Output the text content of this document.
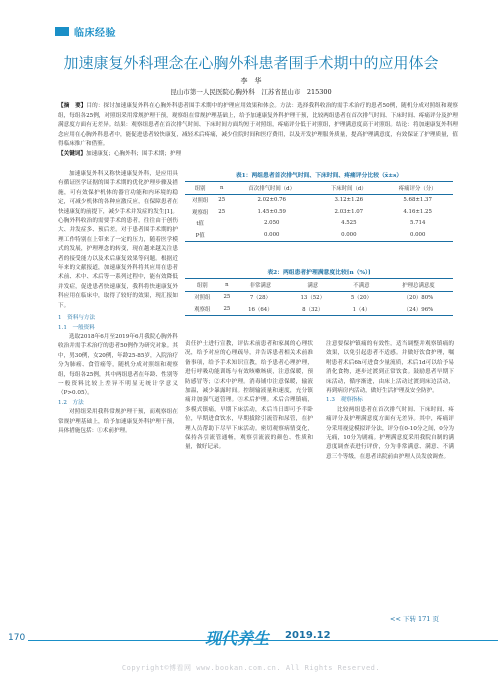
临床经验
加速康复外科理念在心胸外科患者围手术期中的应用体会
李　华
昆山市第一人民医院心胸外科　江苏省昆山市　215300
【摘　要】目的：探讨加速康复外科在心胸外科患者围手术期中的护理应用效果和体会。方法：选择我科收治的需手术治疗的患者50例，随机分成对照组和观察组，每组各25例，对照组采用常规护理干预，观察组在常规护理基础上，给予加速康复外科护理干预，比较两组患者在首次排气时间、下床时间、疼痛评分及护理满意度方面有无差异。结果：观察组患者在首次排气时间、下床时间方面均短于对照组，疼痛评分低于对照组，护理满意度高于对照组。结论：将加速康复外科理念应用在心胸外科患者中，能促进患者较快康复，减轻术后疼痛，减少住院时间和医疗费用，以及开发护理服务质量，提高护理满意度，有效保证了护理质量，值得临床推广和借鉴。
【关键词】加速康复；心胸外科；围手术期；护理

加速康复外科又称快速康复外科，是应用具有循证医学证据的围手术期的优化护理步骤及措施，可有效保护机体的器官功能和内环境的稳定，可减少机体的各种应激反应，在保障患者在快速康复的前提下，减少手术并发症的发生[1]。心胸外科收治的需要手术的患者，往往由于创伤大、并发症多、预后差。对于患者围手术期的护理工作特别在上带来了一定的压力，随着医学模式的发展，护理理念的转变，现在越来越关注患者的接受能力以及术后康复效果等问题。根据近年来的文献报道，加速康复外科将其应用在患者术前、术中、术后等一系列过程中，能有效降低并发症，促进患者快速康复，我科将快速康复外科应用在临床中，取得了较好的效果，现汇报如下。

1　资料与方法

1.1　一般资料

选取2018年6月至2019年6月我院心胸外科收治并需手术治疗的患者50例作为研究对象。其中，男30例，女20例，年龄25-85岁，入院治疗分为肺癌、食管癌等，随机分成对照组和观察组，每组各25例，其中两组患者在年龄、性别等一般资料比较上差异不明显无统计学意义（P>0.05）。

1.2　方法

对照组采用我科常规护理干预，而观察组在常规护理基础上，给予加速康复外科护理干预，具体措施包括：①术前护理。

表1：两组患者首次排气时间、下床时间、疼痛评分比较（x̄±s）
组别	n	首次排气时间（d）	下床时间（d）	疼痛评分（分）
对照组	25	2.02±0.76	3.12±1.26	5.68±1.37
观察组	25	1.45±0.59	2.03±1.07	4.16±1.25
t值		2.050	4.525	5.714
P值		0.000	0.000	0.000
表2：两组患者护理满意度比较[n（%）]
组别	n	非常满意	满意	不满意	护理总满意度
对照组	25	7（28）	13（52）	5（20）	（20）80%
观察组	25	16（64）	8（32）	1（4）	（24）96%

责任护士进行宣教，评估术前患者和家属的心理状况，给予对应的心理疏导，并告诉患者相关术前准备事项，给予手术知识宣教，给予患者心理护理，进行呼吸功能训练与有效咳嗽咳痰，注意保暖，预防感冒等；②术中护理。消毒铺巾注意保暖，输液加温，减少暴露时间。控制输液量和速度，充分镇痛并加强气道管理。③术后护理。术后合理镇痛，多模式镇痛，早期下床活动，术后当日即可予半卧位，早期进食饮水，早期拔除引流管和尿管，在护理人员帮助下尽早下床活动。密切观察病情变化，保持各引流管通畅，观察引流液的颜色、性质和量，做好记录。

注意要保护镇痛的有效性，适当调整并观察镇痛的效果，以免引起患者不适感。并做好饮食护理，嘱咐患者术后6h可进食少量流质，术后1d可以给予易消化食物，逐步过渡到正常饮食。鼓励患者早期下床活动，循序渐进，由床上活动过渡到床边活动，再到病房内活动，做好生活护理及安全防护。

1.3　观察指标

比较两组患者在首次排气时间、下床时间、疼痛评分及护理满意度方面有无差异。其中，疼痛评分采用视觉模拟评分法，评分在0-10分之间，0分为无痛，10分为剧痛。护理满意度采用我院自制的满意度调查表进行评价，分为非常满意、满意、不满意三个等级，在患者出院前由护理人员发放调查。

<< 下转 171 页
170	现代养生 2019.12
Copyright©博看网 www.bookan.com.cn. All Rights Reserved.
